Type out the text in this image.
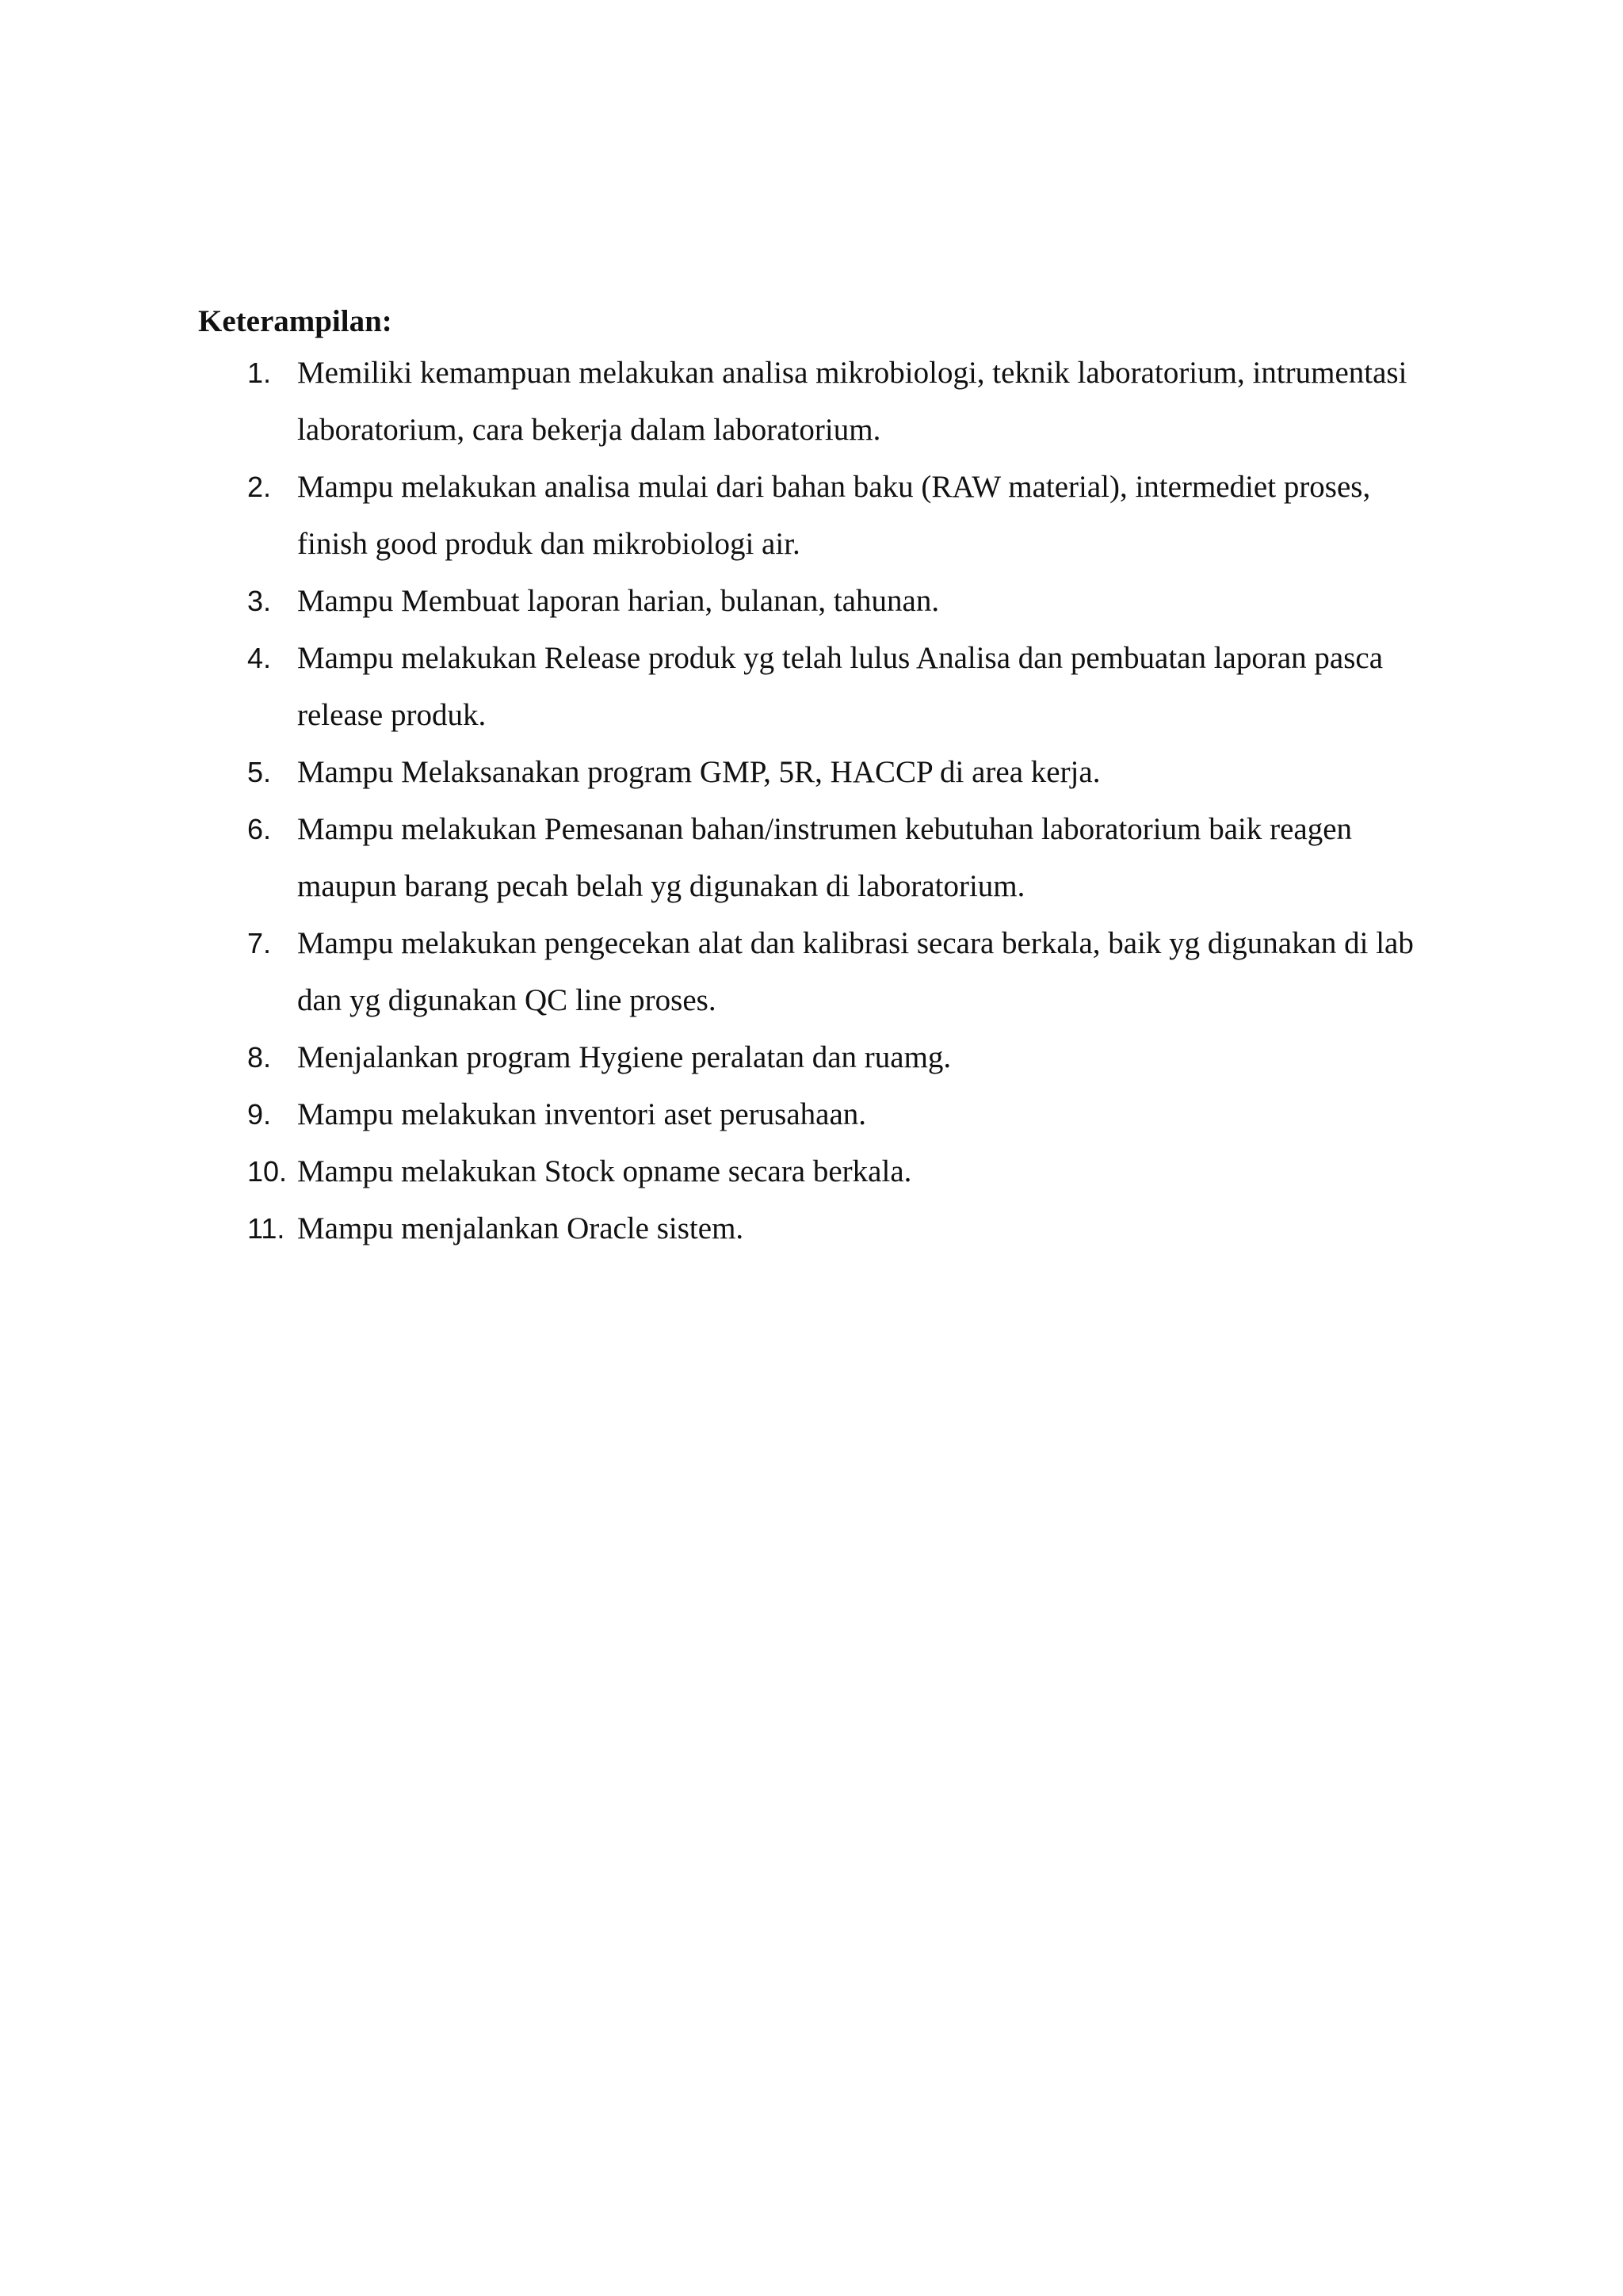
Keterampilan:
1. Memiliki kemampuan melakukan analisa mikrobiologi, teknik laboratorium, intrumentasi laboratorium, cara bekerja dalam laboratorium.
2. Mampu melakukan analisa mulai dari bahan baku (RAW material), intermediet proses, finish good produk dan mikrobiologi air.
3. Mampu Membuat laporan harian, bulanan, tahunan.
4. Mampu melakukan Release produk yg telah lulus Analisa dan pembuatan laporan pasca release produk.
5. Mampu Melaksanakan program GMP, 5R, HACCP di area kerja.
6. Mampu melakukan Pemesanan bahan/instrumen kebutuhan laboratorium baik reagen maupun barang pecah belah yg digunakan di laboratorium.
7. Mampu melakukan pengecekan alat dan kalibrasi secara berkala, baik yg digunakan di lab dan yg digunakan QC line proses.
8. Menjalankan program Hygiene peralatan dan ruamg.
9. Mampu melakukan inventori aset perusahaan.
10. Mampu melakukan Stock opname secara berkala.
11. Mampu menjalankan Oracle sistem.
